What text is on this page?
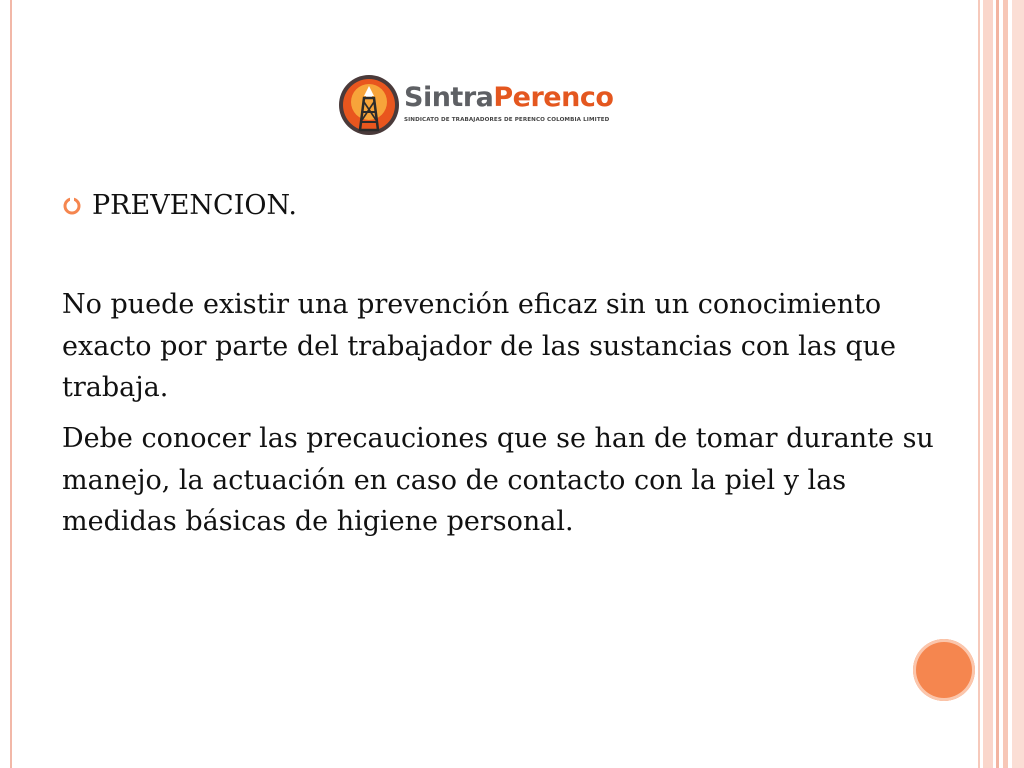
SintraPerenco
SINDICATO DE TRABAJADORES DE PERENCO COLOMBIA LIMITED
PREVENCION.

No puede existir una prevención eficaz sin un conocimiento exacto por parte del trabajador de las sustancias con las que trabaja.

Debe conocer las precauciones que se han de tomar durante su manejo, la actuación en caso de contacto con la piel y las medidas básicas de higiene personal.
